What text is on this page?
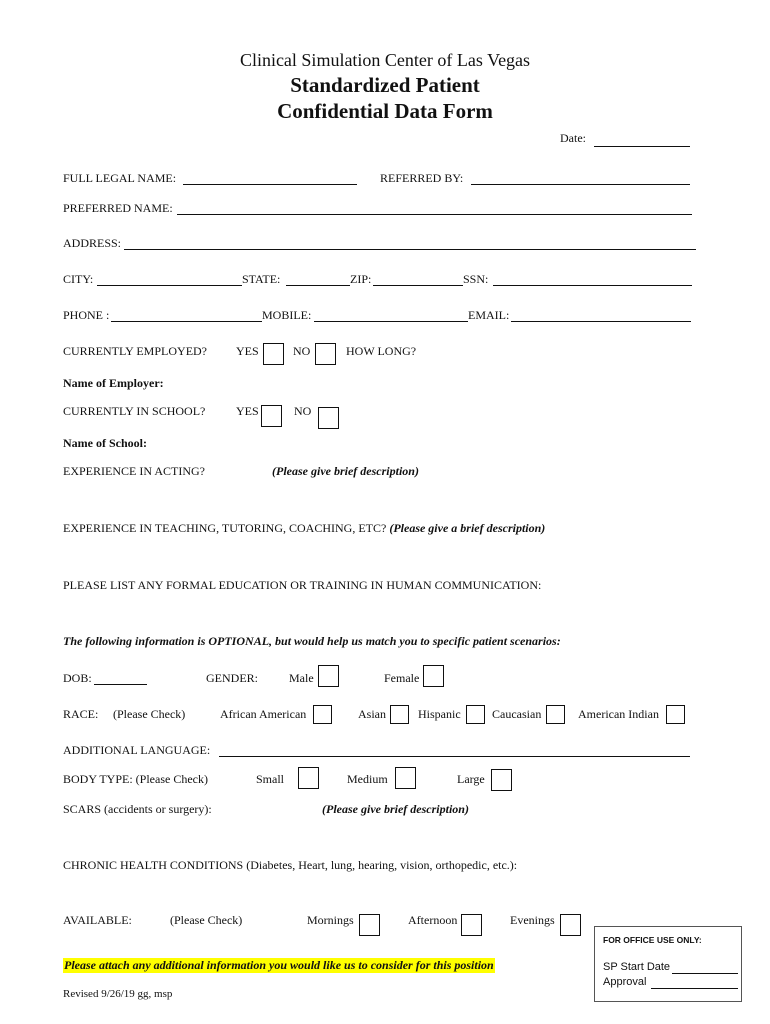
Clinical Simulation Center of Las Vegas
Standardized Patient
Confidential Data Form
Date:
FULL LEGAL NAME:	REFERRED BY:
PREFERRED NAME:
ADDRESS:
CITY:	STATE:	ZIP:	SSN:
PHONE :	MOBILE:	EMAIL:
CURRENTLY EMPLOYED? YES	NO	HOW LONG?
Name of Employer:
CURRENTLY IN SCHOOL?	YES	NO
Name of School:
EXPERIENCE IN ACTING?	(Please give brief description)
EXPERIENCE IN TEACHING, TUTORING, COACHING, ETC? (Please give a brief description)
PLEASE LIST ANY FORMAL EDUCATION OR TRAINING IN HUMAN COMMUNICATION:
The following information is OPTIONAL, but would help us match you to specific patient scenarios:
DOB:	GENDER:	Male	Female
RACE: (Please Check)	African American	Asian	Hispanic	Caucasian	American Indian
ADDITIONAL LANGUAGE:
BODY TYPE: (Please Check)	Small	Medium	Large
SCARS (accidents or surgery):	(Please give brief description)
CHRONIC HEALTH CONDITIONS (Diabetes, Heart, lung, hearing, vision, orthopedic, etc.):
AVAILABLE:	(Please Check)	Mornings	Afternoon	Evenings
Please attach any additional information you would like us to consider for this position
Revised 9/26/19 gg, msp
FOR OFFICE USE ONLY:
SP Start Date
Approval
